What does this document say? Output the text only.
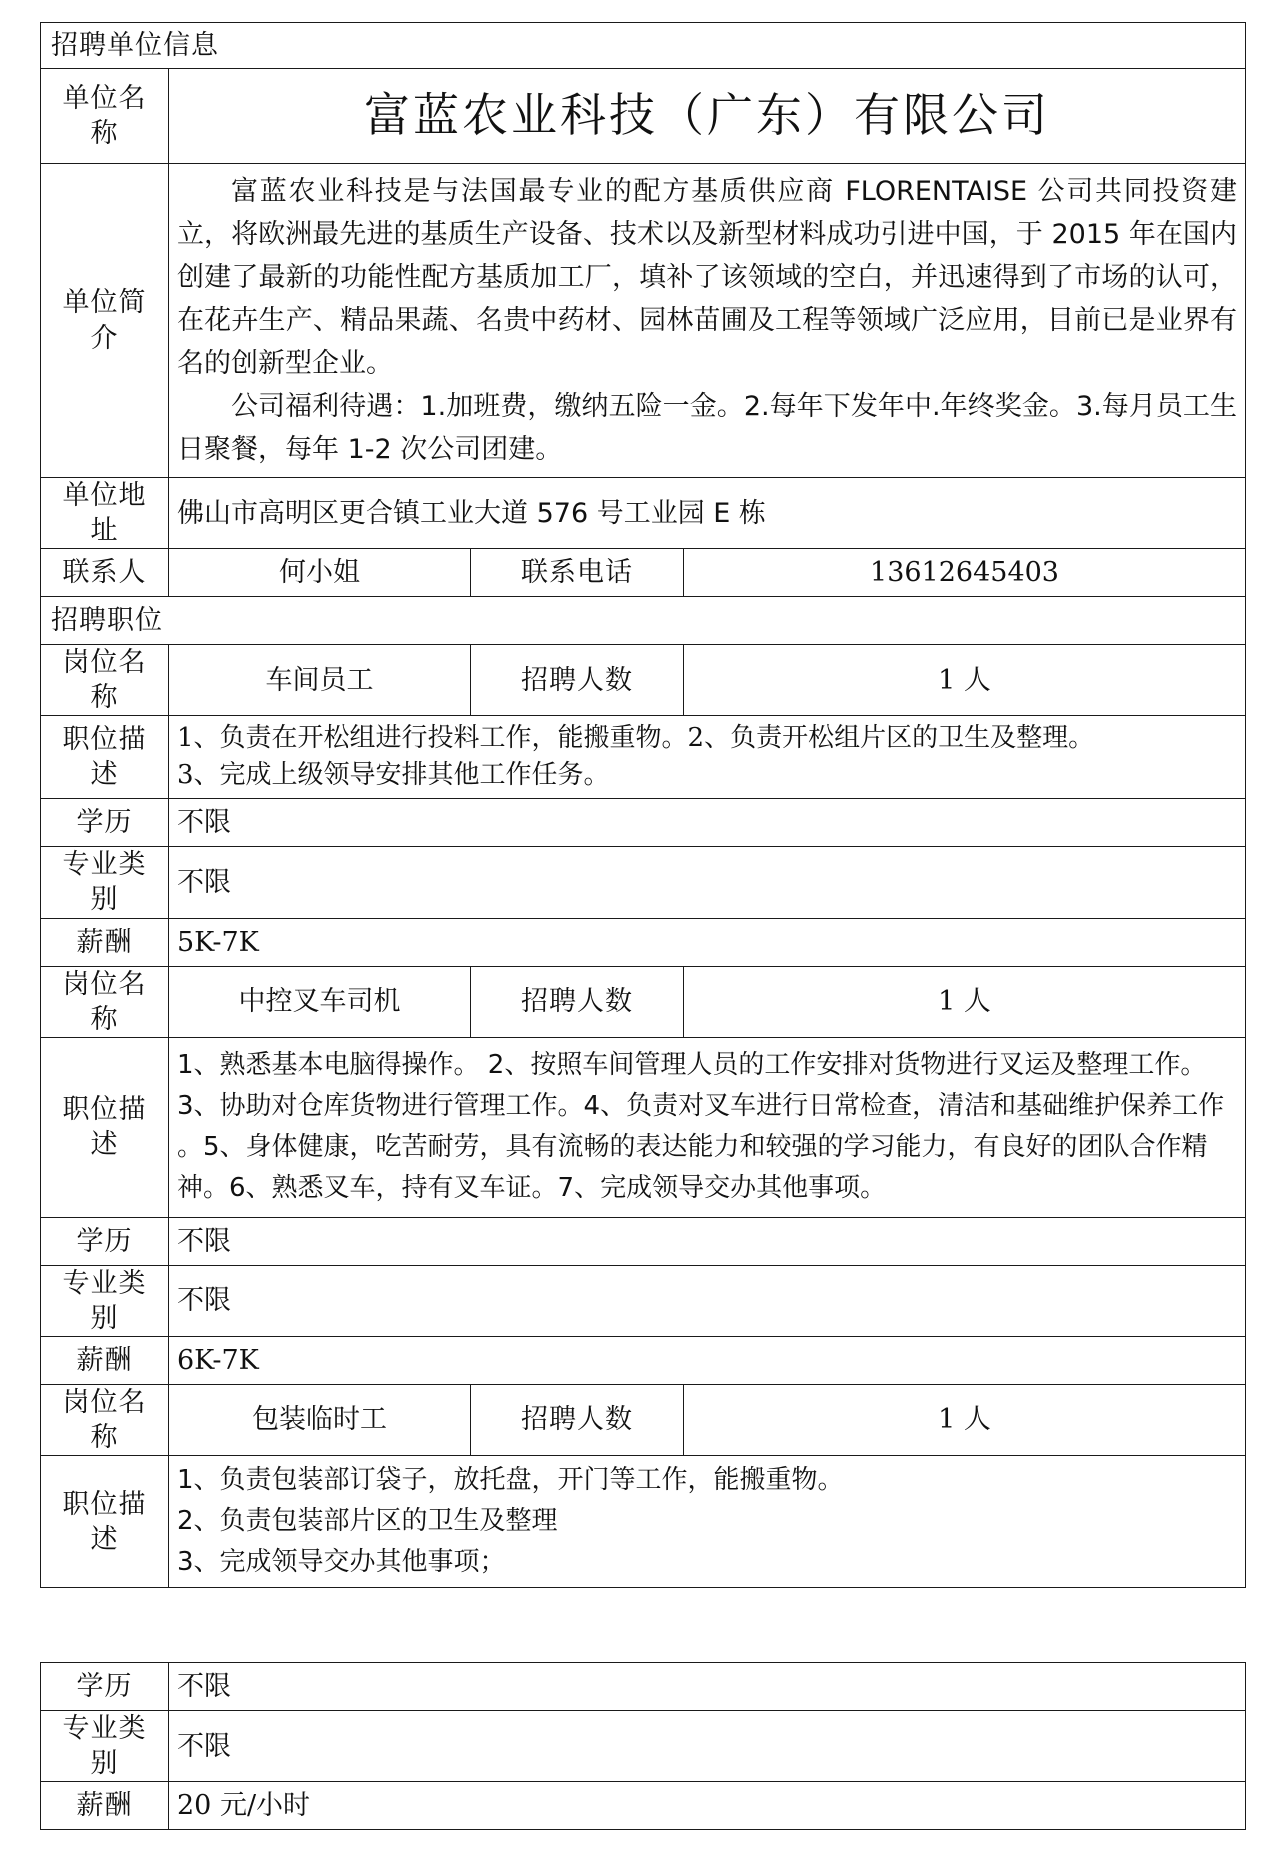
招聘单位信息			
单位名称	富蓝农业科技（广东）有限公司		
单位简介	富蓝农业科技是与法国最专业的配方基质供应商 FLORENTAISE 公司共同投资建立，将欧洲最先进的基质生产设备、技术以及新型材料成功引进中国，于 2015 年在国内创建了最新的功能性配方基质加工厂，填补了该领域的空白，并迅速得到了市场的认可，在花卉生产、精品果蔬、名贵中药材、园林苗圃及工程等领域广泛应用，目前已是业界有名的创新型企业。

公司福利待遇：1.加班费，缴纳五险一金。2.每年下发年中.年终奖金。3.每月员工生日聚餐，每年 1-2 次公司团建。		

单位地址	佛山市高明区更合镇工业大道 576 号工业园 E 栋		
联系人	何小姐	联系电话	13612645403
招聘职位			
岗位名称	车间员工	招聘人数	1 人
职位描述	1、负责在开松组进行投料工作，能搬重物。2、负责开松组片区的卫生及整理。
3、完成上级领导安排其他工作任务。		

学历	不限		
专业类别	不限		
薪酬	5K-7K		
岗位名称	中控叉车司机	招聘人数	1 人
职位描述	1、熟悉基本电脑得操作。 2、按照车间管理人员的工作安排对货物进行叉运及整理工作。 3、协助对仓库货物进行管理工作。4、负责对叉车进行日常检查，清洁和基础维护保养工作 。5、身体健康，吃苦耐劳，具有流畅的表达能力和较强的学习能力，有良好的团队合作精神。6、熟悉叉车，持有叉车证。7、完成领导交办其他事项。		
学历	不限		
专业类别	不限		
薪酬	6K-7K		
岗位名称	包装临时工	招聘人数	1 人
职位描述	1、负责包装部订袋子，放托盘，开门等工作，能搬重物。
2、负责包装部片区的卫生及整理
3、完成领导交办其他事项；		
学历	不限
专业类别	不限
薪酬	20 元/小时
